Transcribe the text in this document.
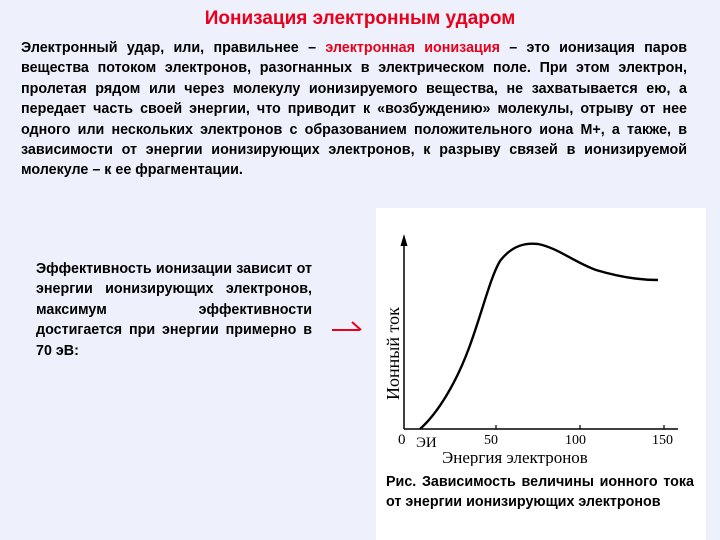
Ионизация электронным ударом
Электронный удар, или, правильнее – электронная ионизация – это ионизация паров вещества потоком электронов, разогнанных в электрическом поле. При этом электрон, пролетая рядом или через молекулу ионизируемого вещества, не захватывается ею, а передает часть своей энергии, что приводит к «возбуждению» молекулы, отрыву от нее одного или нескольких электронов с образованием положительного иона М+, а также, в зависимости от энергии ионизирующих электронов, к разрыву связей в ионизируемой молекуле – к ее фрагментации.
Эффективность ионизации зависит от энергии ионизирующих электронов, максимум эффективности достигается при энергии примерно в 70 эВ:
0 ЭИ	50	100	150
Энергия электронов
Ионный ток
Рис. Зависимость величины ионного тока от энергии ионизирующих электронов
